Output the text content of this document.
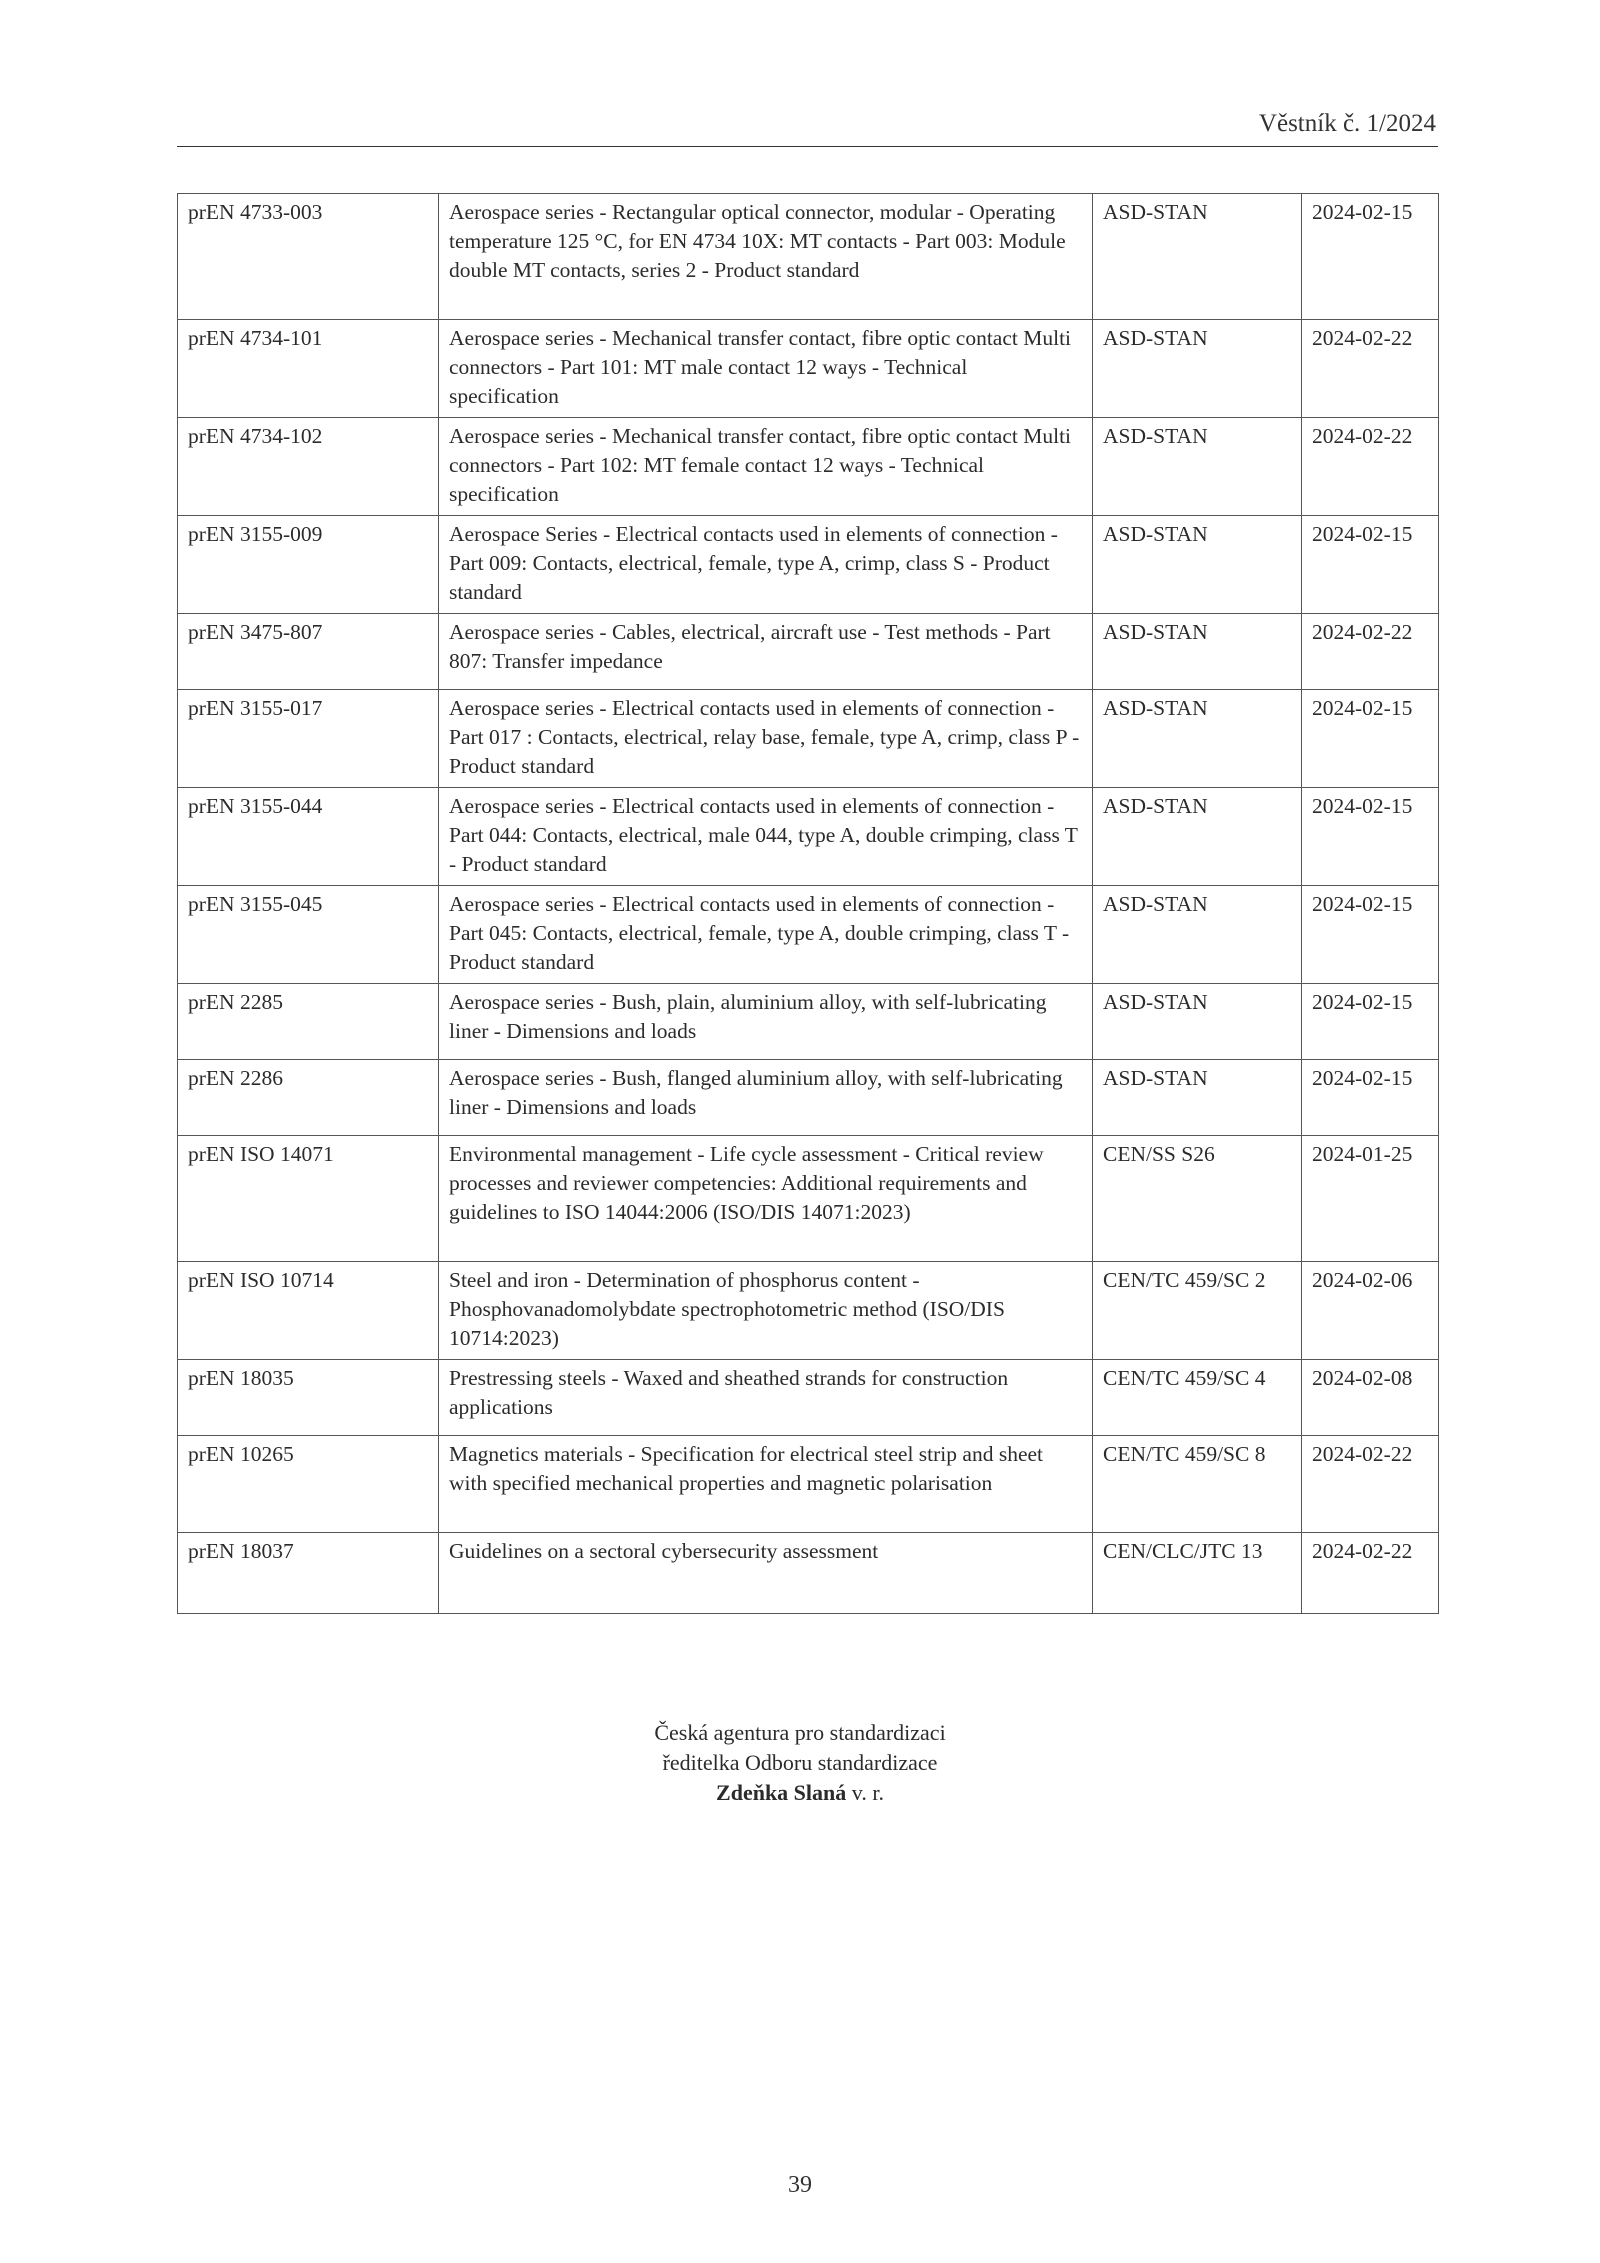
Věstník č. 1/2024
prEN 4733-003	Aerospace series - Rectangular optical connector, modular - Operating temperature 125 °C, for EN 4734 10X: MT contacts - Part 003: Module double MT contacts, series 2 - Product standard	ASD-STAN	2024-02-15
prEN 4734-101	Aerospace series - Mechanical transfer contact, fibre optic contact Multi connectors - Part 101: MT male contact 12 ways - Technical specification	ASD-STAN	2024-02-22
prEN 4734-102	Aerospace series - Mechanical transfer contact, fibre optic contact Multi connectors - Part 102: MT female contact 12 ways - Technical specification	ASD-STAN	2024-02-22
prEN 3155-009	Aerospace Series - Electrical contacts used in elements of connection - Part 009: Contacts, electrical, female, type A, crimp, class S - Product standard	ASD-STAN	2024-02-15
prEN 3475-807	Aerospace series - Cables, electrical, aircraft use - Test methods - Part 807: Transfer impedance	ASD-STAN	2024-02-22
prEN 3155-017	Aerospace series - Electrical contacts used in elements of connection - Part 017 : Contacts, electrical, relay base, female, type A, crimp, class P - Product standard	ASD-STAN	2024-02-15
prEN 3155-044	Aerospace series - Electrical contacts used in elements of connection - Part 044: Contacts, electrical, male 044, type A, double crimping, class T - Product standard	ASD-STAN	2024-02-15
prEN 3155-045	Aerospace series - Electrical contacts used in elements of connection - Part 045: Contacts, electrical, female, type A, double crimping, class T - Product standard	ASD-STAN	2024-02-15
prEN 2285	Aerospace series - Bush, plain, aluminium alloy, with self-lubricating liner - Dimensions and loads	ASD-STAN	2024-02-15
prEN 2286	Aerospace series - Bush, flanged aluminium alloy, with self-lubricating liner - Dimensions and loads	ASD-STAN	2024-02-15
prEN ISO 14071	Environmental management - Life cycle assessment - Critical review processes and reviewer competencies: Additional requirements and guidelines to ISO 14044:2006 (ISO/DIS 14071:2023)	CEN/SS S26	2024-01-25
prEN ISO 10714	Steel and iron - Determination of phosphorus content - Phosphovanadomolybdate spectrophotometric method (ISO/DIS 10714:2023)	CEN/TC 459/SC 2	2024-02-06
prEN 18035	Prestressing steels - Waxed and sheathed strands for construction applications	CEN/TC 459/SC 4	2024-02-08
prEN 10265	Magnetics materials - Specification for electrical steel strip and sheet with specified mechanical properties and magnetic polarisation	CEN/TC 459/SC 8	2024-02-22
prEN 18037	Guidelines on a sectoral cybersecurity assessment	CEN/CLC/JTC 13	2024-02-22
Česká agentura pro standardizaci
ředitelka Odboru standardizace
Zdeňka Slaná v. r.
39
